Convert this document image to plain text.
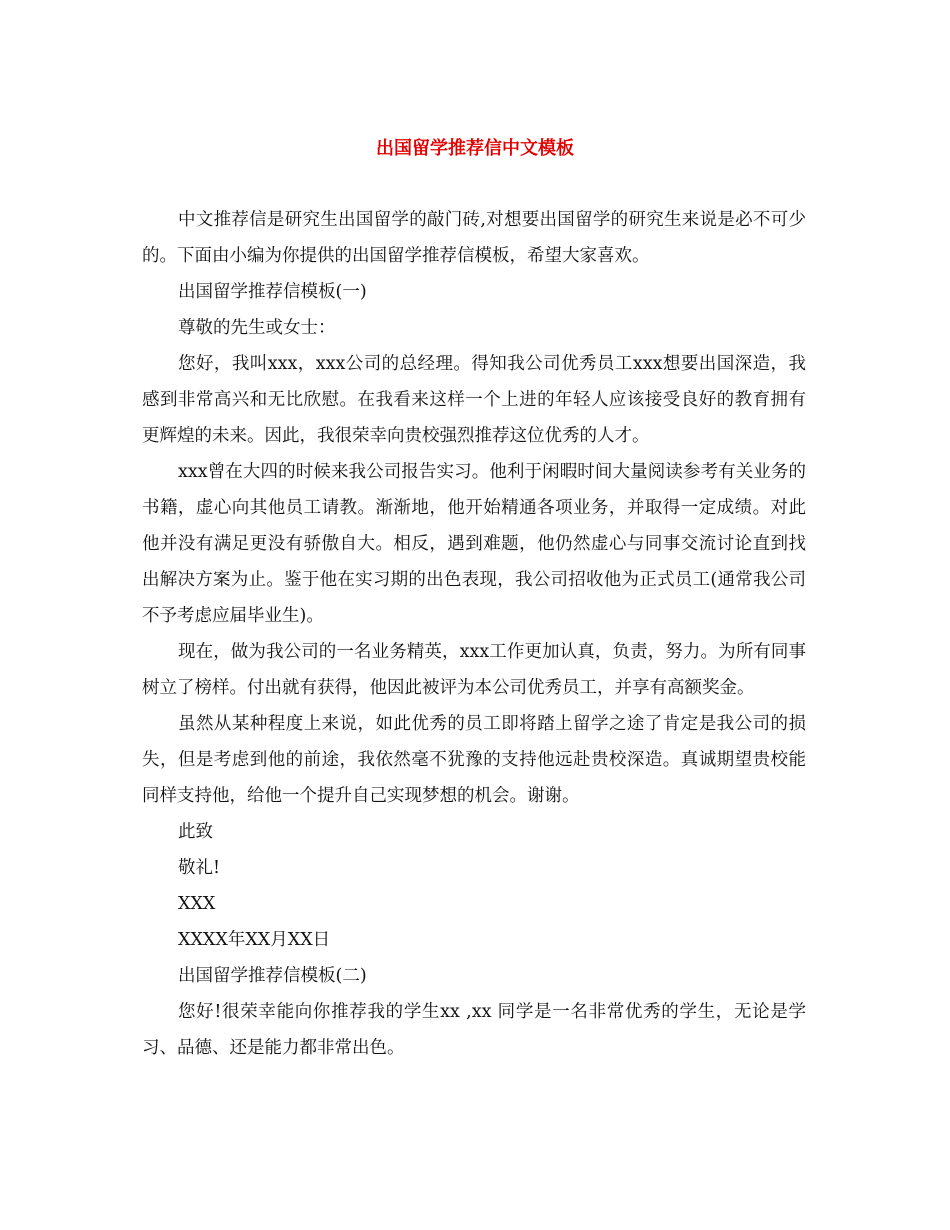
出国留学推荐信中文模板

中文推荐信是研究生出国留学的敲门砖,对想要出国留学的研究生来说是必不可少的。下面由小编为你提供的出国留学推荐信模板，希望大家喜欢。

出国留学推荐信模板(一)

尊敬的先生或女士：

您好，我叫xxx，xxx公司的总经理。得知我公司优秀员工xxx想要出国深造，我感到非常高兴和无比欣慰。在我看来这样一个上进的年轻人应该接受良好的教育拥有更辉煌的未来。因此，我很荣幸向贵校强烈推荐这位优秀的人才。

xxx曾在大四的时候来我公司报告实习。他利于闲暇时间大量阅读参考有关业务的书籍，虚心向其他员工请教。渐渐地，他开始精通各项业务，并取得一定成绩。对此他并没有满足更没有骄傲自大。相反，遇到难题，他仍然虚心与同事交流讨论直到找出解决方案为止。鉴于他在实习期的出色表现，我公司招收他为正式员工(通常我公司不予考虑应届毕业生)。

现在，做为我公司的一名业务精英，xxx工作更加认真，负责，努力。为所有同事树立了榜样。付出就有获得，他因此被评为本公司优秀员工，并享有高额奖金。

虽然从某种程度上来说，如此优秀的员工即将踏上留学之途了肯定是我公司的损失，但是考虑到他的前途，我依然毫不犹豫的支持他远赴贵校深造。真诚期望贵校能同样支持他，给他一个提升自己实现梦想的机会。谢谢。

此致

敬礼!

XXX

XXXX年XX月XX日

出国留学推荐信模板(二)

您好!很荣幸能向你推荐我的学生xx ,xx 同学是一名非常优秀的学生，无论是学习、品德、还是能力都非常出色。
